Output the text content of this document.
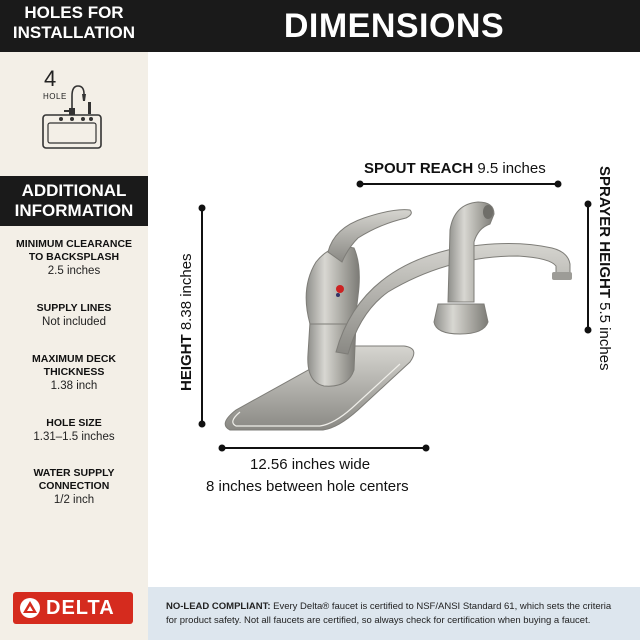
HOLES FOR
INSTALLATION
4
HOLE
ADDITIONAL
INFORMATION
MINIMUM CLEARANCE
TO BACKSPLASH
2.5 inches
SUPPLY LINES
Not included
MAXIMUM DECK
THICKNESS
1.38 inch
HOLE SIZE
1.31–1.5 inches
WATER SUPPLY
CONNECTION
1/2 inch
DELTA
DIMENSIONS
SPOUT REACH 9.5 inches
HEIGHT 8.38 inches	SPRAYER HEIGHT 5.5 inches
12.56 inches wide
8 inches between hole centers
NO-LEAD COMPLIANT: Every Delta® faucet is certified to NSF/ANSI Standard 61, which sets the criteria
for product safety. Not all faucets are certified, so always check for certification when buying a faucet.
